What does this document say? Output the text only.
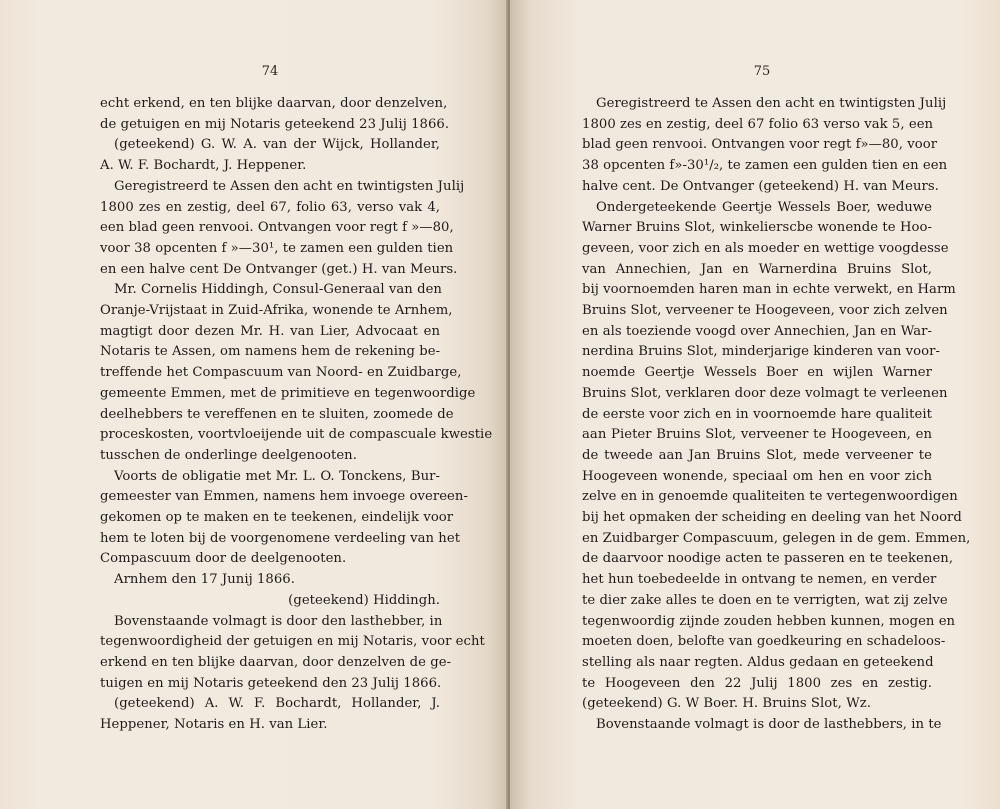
74
echt erkend, en ten blijke daarvan, door denzelven,
de getuigen en mij Notaris geteekend 23 Julij 1866.
(geteekend) G. W. A. van der Wijck, Hollander,
A. W. F. Bochardt, J. Heppener.
Geregistreerd te Assen den acht en twintigsten Julij
1800 zes en zestig, deel 67, folio 63, verso vak 4,
een blad geen renvooi. Ontvangen voor regt f »—80,
voor 38 opcenten f »—30¹, te zamen een gulden tien
en een halve cent De Ontvanger (get.) H. van Meurs.
Mr. Cornelis Hiddingh, Consul-Generaal van den
Oranje-Vrijstaat in Zuid-Afrika, wonende te Arnhem,
magtigt door dezen Mr. H. van Lier, Advocaat en
Notaris te Assen, om namens hem de rekening be-
treffende het Compascuum van Noord- en Zuidbarge,
gemeente Emmen, met de primitieve en tegenwoordige
deelhebbers te vereffenen en te sluiten, zoomede de
proceskosten, voortvloeijende uit de compascuale kwestie
tusschen de onderlinge deelgenooten.
Voorts de obligatie met Mr. L. O. Tonckens, Bur-
gemeester van Emmen, namens hem invoege overeen-
gekomen op te maken en te teekenen, eindelijk voor
hem te loten bij de voorgenomene verdeeling van het
Compascuum door de deelgenooten.
Arnhem den 17 Junij 1866.
(geteekend) Hiddingh.
Bovenstaande volmagt is door den lasthebber, in
tegenwoordigheid der getuigen en mij Notaris, voor echt
erkend en ten blijke daarvan, door denzelven de ge-
tuigen en mij Notaris geteekend den 23 Julij 1866.
(geteekend) A. W. F. Bochardt, Hollander, J.
Heppener, Notaris en H. van Lier.
75
Geregistreerd te Assen den acht en twintigsten Julij
1800 zes en zestig, deel 67 folio 63 verso vak 5, een
blad geen renvooi. Ontvangen voor regt f»—80, voor
38 opcenten f»-30¹/₂, te zamen een gulden tien en een
halve cent. De Ontvanger (geteekend) H. van Meurs.
Ondergeteekende Geertje Wessels Boer, weduwe
Warner Bruins Slot, winkelierscbe wonende te Hoo-
geveen, voor zich en als moeder en wettige voogdesse
van Annechien, Jan en Warnerdina Bruins Slot,
bij voornoemden haren man in echte verwekt, en Harm
Bruins Slot, verveener te Hoogeveen, voor zich zelven
en als toeziende voogd over Annechien, Jan en War-
nerdina Bruins Slot, minderjarige kinderen van voor-
noemde Geertje Wessels Boer en wijlen Warner
Bruins Slot, verklaren door deze volmagt te verleenen
de eerste voor zich en in voornoemde hare qualiteit
aan Pieter Bruins Slot, verveener te Hoogeveen, en
de tweede aan Jan Bruins Slot, mede verveener te
Hoogeveen wonende, speciaal om hen en voor zich
zelve en in genoemde qualiteiten te vertegenwoordigen
bij het opmaken der scheiding en deeling van het Noord
en Zuidbarger Compascuum, gelegen in de gem. Emmen,
de daarvoor noodige acten te passeren en te teekenen,
het hun toebedeelde in ontvang te nemen, en verder
te dier zake alles te doen en te verrigten, wat zij zelve
tegenwoordig zijnde zouden hebben kunnen, mogen en
moeten doen, belofte van goedkeuring en schadeloos-
stelling als naar regten. Aldus gedaan en geteekend
te Hoogeveen den 22 Julij 1800 zes en zestig.
(geteekend) G. W Boer. H. Bruins Slot, Wz.
Bovenstaande volmagt is door de lasthebbers, in te
